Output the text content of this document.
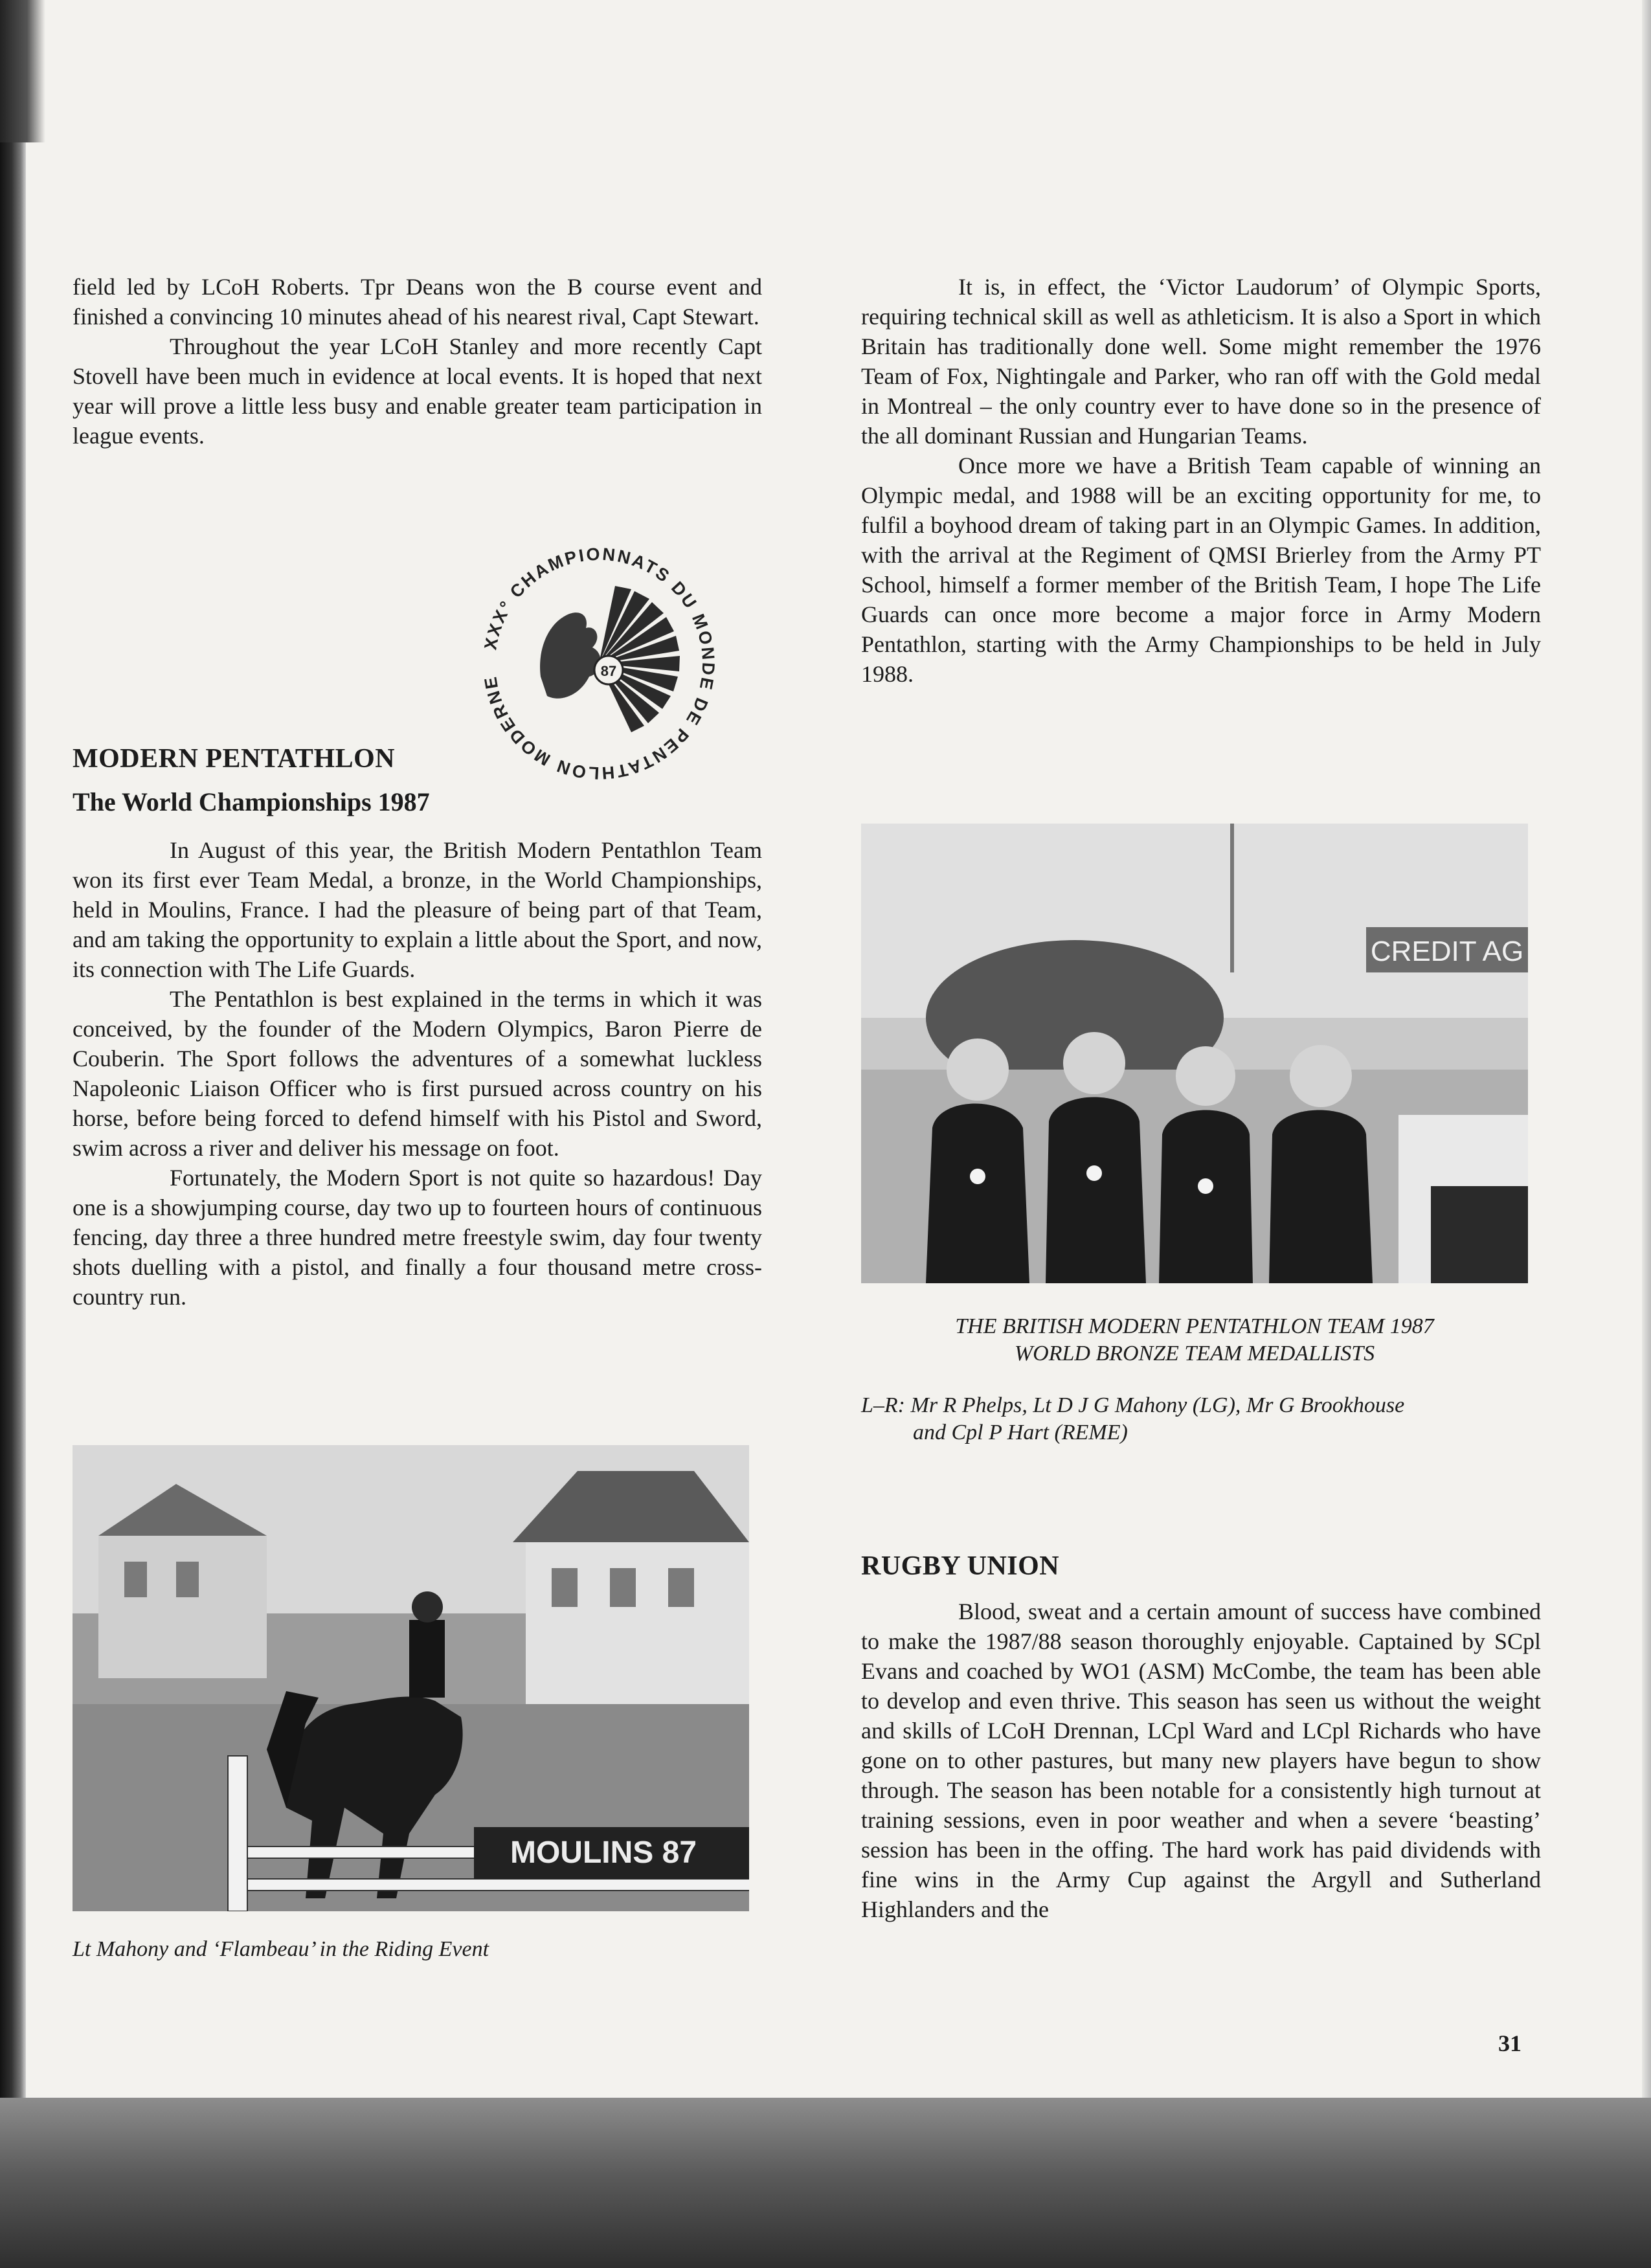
field led by LCoH Roberts. Tpr Deans won the B course event and finished a convincing 10 minutes ahead of his nearest rival, Capt Stewart.

Throughout the year LCoH Stanley and more recently Capt Stovell have been much in evidence at local events. It is hoped that next year will prove a little less busy and enable greater team participation in league events.

XXX° CHAMPIONNATS DU MONDE DE PENTATHLON MODERNE
87
MODERN PENTATHLON
The World Championships 1987

In August of this year, the British Modern Pentathlon Team won its first ever Team Medal, a bronze, in the World Championships, held in Moulins, France. I had the pleasure of being part of that Team, and am taking the opportunity to explain a little about the Sport, and now, its connection with The Life Guards.

The Pentathlon is best explained in the terms in which it was conceived, by the founder of the Modern Olympics, Baron Pierre de Couberin. The Sport follows the adventures of a somewhat luckless Napoleonic Liaison Officer who is first pursued across country on his horse, before being forced to defend himself with his Pistol and Sword, swim across a river and deliver his message on foot.

Fortunately, the Modern Sport is not quite so hazardous! Day one is a showjumping course, day two up to fourteen hours of continuous fencing, day three a three hundred metre freestyle swim, day four twenty shots duelling with a pistol, and finally a four thousand metre cross-country run.

MOULINS 87
Lt Mahony and ‘Flambeau’ in the Riding Event

It is, in effect, the ‘Victor Laudorum’ of Olympic Sports, requiring technical skill as well as athleticism. It is also a Sport in which Britain has traditionally done well. Some might remember the 1976 Team of Fox, Nightingale and Parker, who ran off with the Gold medal in Montreal – the only country ever to have done so in the presence of the all dominant Russian and Hungarian Teams.

Once more we have a British Team capable of winning an Olympic medal, and 1988 will be an exciting opportunity for me, to fulfil a boyhood dream of taking part in an Olympic Games. In addition, with the arrival at the Regiment of QMSI Brierley from the Army PT School, himself a former member of the British Team, I hope The Life Guards can once more become a major force in Army Modern Pentathlon, starting with the Army Championships to be held in July 1988.

CREDIT AG
THE BRITISH MODERN PENTATHLON TEAM 1987
WORLD BRONZE TEAM MEDALLISTS
L–R: Mr R Phelps, Lt D J G Mahony (LG), Mr G Brookhouse
and Cpl P Hart (REME)
RUGBY UNION

Blood, sweat and a certain amount of success have combined to make the 1987/88 season thoroughly enjoyable. Captained by SCpl Evans and coached by WO1 (ASM) McCombe, the team has been able to develop and even thrive. This season has seen us without the weight and skills of LCoH Drennan, LCpl Ward and LCpl Richards who have gone on to other pastures, but many new players have begun to show through. The season has been notable for a consistently high turnout at training sessions, even in poor weather and when a severe ‘beasting’ session has been in the offing. The hard work has paid dividends with fine wins in the Army Cup against the Argyll and Sutherland Highlanders and the

31
